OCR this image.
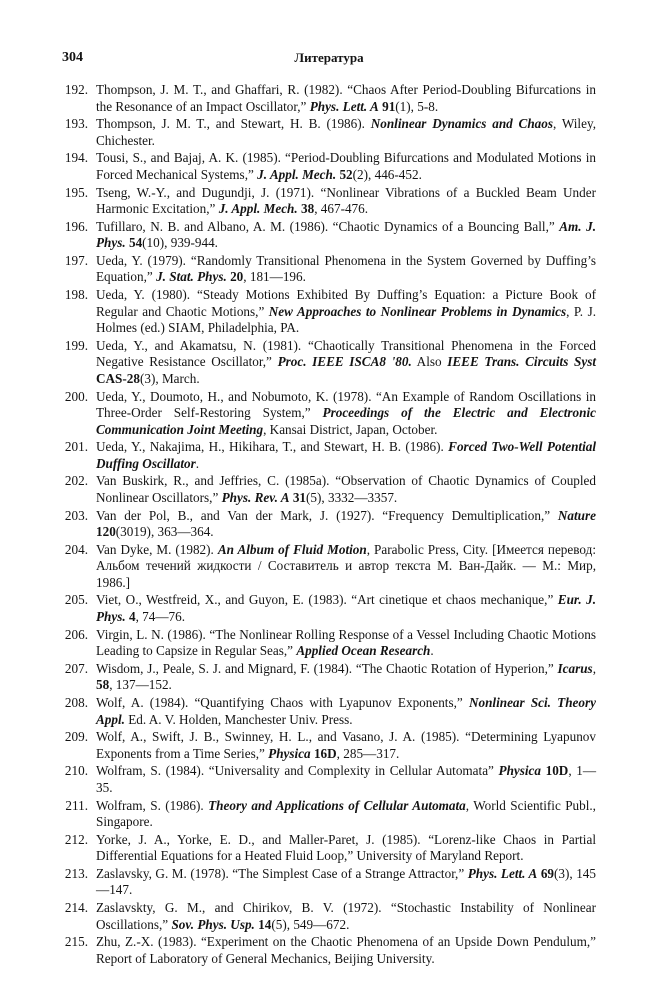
304	Литература
192. Thompson, J. M. T., and Ghaffari, R. (1982). “Chaos After Period-Doubling Bifurcations in the Resonance of an Impact Oscillator,” Phys. Lett. A 91(1), 5-8.
193. Thompson, J. M. T., and Stewart, H. B. (1986). Nonlinear Dynamics and Chaos, Wiley, Chichester.
194. Tousi, S., and Bajaj, A. K. (1985). “Period-Doubling Bifurcations and Modulated Motions in Forced Mechanical Systems,” J. Appl. Mech. 52(2), 446-452.
195. Tseng, W.-Y., and Dugundji, J. (1971). “Nonlinear Vibrations of a Buckled Beam Under Harmonic Excitation,” J. Appl. Mech. 38, 467-476.
196. Tufillaro, N. B. and Albano, A. M. (1986). “Chaotic Dynamics of a Bouncing Ball,” Am. J. Phys. 54(10), 939-944.
197. Ueda, Y. (1979). “Randomly Transitional Phenomena in the System Governed by Duffing’s Equation,” J. Stat. Phys. 20, 181—196.
198. Ueda, Y. (1980). “Steady Motions Exhibited By Duffing’s Equation: a Picture Book of Regular and Chaotic Motions,” New Approaches to Nonlinear Problems in Dynamics, P. J. Holmes (ed.) SIAM, Philadelphia, PA.
199. Ueda, Y., and Akamatsu, N. (1981). “Chaotically Transitional Phenomena in the Forced Negative Resistance Oscillator,” Proc. IEEE ISCA8 '80. Also IEEE Trans. Circuits Syst CAS-28(3), March.
200. Ueda, Y., Doumoto, H., and Nobumoto, K. (1978). “An Example of Random Oscillations in Three-Order Self-Restoring System,” Proceedings of the Electric and Electronic Communication Joint Meeting, Kansai District, Japan, October.
201. Ueda, Y., Nakajima, H., Hikihara, T., and Stewart, H. B. (1986). Forced Two-Well Potential Duffing Oscillator.
202. Van Buskirk, R., and Jeffries, C. (1985a). “Observation of Chaotic Dynamics of Coupled Nonlinear Oscillators,” Phys. Rev. A 31(5), 3332—3357.
203. Van der Pol, B., and Van der Mark, J. (1927). “Frequency Demultiplication,” Nature 120(3019), 363—364.
204. Van Dyke, M. (1982). An Album of Fluid Motion, Parabolic Press, City. [Имеется перевод: Альбом течений жидкости / Составитель и автор текста М. Ван-Дайк. — М.: Мир, 1986.]
205. Viet, O., Westfreid, X., and Guyon, E. (1983). “Art cinetique et chaos mechanique,” Eur. J. Phys. 4, 74—76.
206. Virgin, L. N. (1986). “The Nonlinear Rolling Response of a Vessel Including Chaotic Motions Leading to Capsize in Regular Seas,” Applied Ocean Research.
207. Wisdom, J., Peale, S. J. and Mignard, F. (1984). “The Chaotic Rotation of Hyperion,” Icarus, 58, 137—152.
208. Wolf, A. (1984). “Quantifying Chaos with Lyapunov Exponents,” Nonlinear Sci. Theory Appl. Ed. A. V. Holden, Manchester Univ. Press.
209. Wolf, A., Swift, J. B., Swinney, H. L., and Vasano, J. A. (1985). “Determining Lyapunov Exponents from a Time Series,” Physica 16D, 285—317.
210. Wolfram, S. (1984). “Universality and Complexity in Cellular Automata” Physica 10D, 1—35.
211. Wolfram, S. (1986). Theory and Applications of Cellular Automata, World Scientific Publ., Singapore.
212. Yorke, J. A., Yorke, E. D., and Maller-Paret, J. (1985). “Lorenz-like Chaos in Partial Differential Equations for a Heated Fluid Loop,” University of Maryland Report.
213. Zaslavsky, G. M. (1978). “The Simplest Case of a Strange Attractor,” Phys. Lett. A 69(3), 145—147.
214. Zaslavskty, G. M., and Chirikov, B. V. (1972). “Stochastic Instability of Nonlinear Oscillations,” Sov. Phys. Usp. 14(5), 549—672.
215. Zhu, Z.-X. (1983). “Experiment on the Chaotic Phenomena of an Upside Down Pendulum,” Report of Laboratory of General Mechanics, Beijing University.
